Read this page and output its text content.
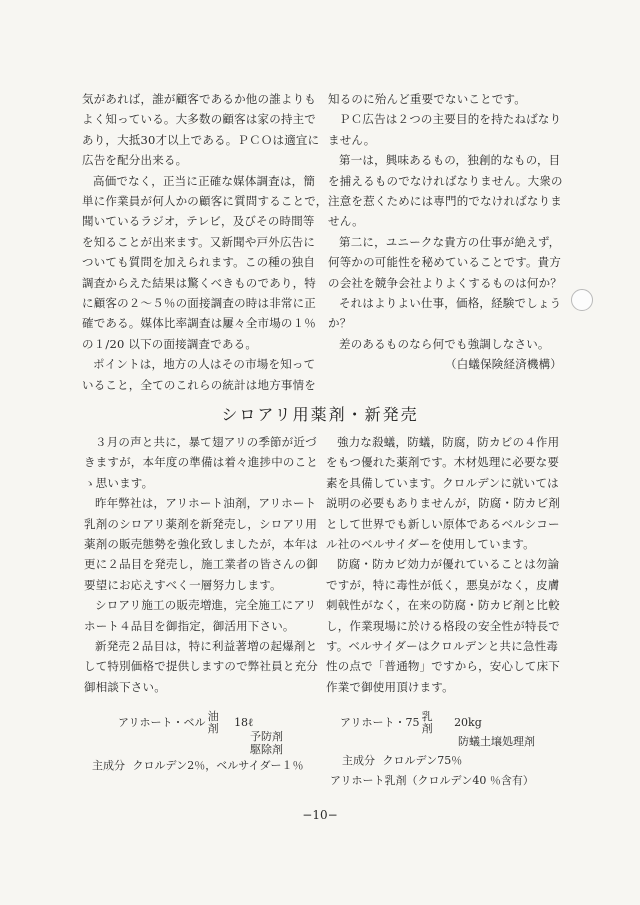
気があれば，誰が顧客であるか他の誰よりも

よく知っている。大多数の顧客は家の持主で

あり，大抵30才以上である。ＰＣＯは適宜に

広告を配分出来る。

高価でなく，正当に正確な媒体調査は，簡

単に作業員が何人かの顧客に質問することで，

聞いているラジオ，テレビ，及びその時間等

を知ることが出来ます。又新聞や戸外広告に

ついても質問を加えられます。この種の独自

調査からえた結果は驚くべきものであり，特

に顧客の２～５％の面接調査の時は非常に正

確である。媒体比率調査は屢々全市場の１％

の１/20 以下の面接調査である。

ポイントは，地方の人はその市場を知って

いること，全てのこれらの統計は地方事情を

知るのに殆んど重要でないことです。

ＰＣ広告は２つの主要目的を持たねばなり

ません。

第一は，興味あるもの，独創的なもの，目

を捕えるものでなければなりません。大衆の

注意を惹くためには専門的でなければなりま

せん。

第二に，ユニークな貴方の仕事が絶えず，

何等かの可能性を秘めていることです。貴方

の会社を競争会社よりよくするものは何か？

それはよりよい仕事，価格，経験でしょう

か？

差のあるものなら何でも強調しなさい。

（白蟻保険経済機構）

シロアリ用薬剤・新発売

３月の声と共に，暴て翅アリの季節が近づ

きますが，本年度の準備は着々進捗中のこと

ゝ思います。

昨年弊社は，アリホート油剤，アリホート

乳剤のシロアリ薬剤を新発売し，シロアリ用

薬剤の販売態勢を強化致しましたが，本年は

更に２品目を発売し，施工業者の皆さんの御

要望にお応えすべく一層努力します。

シロアリ施工の販売増進，完全施工にアリ

ホート４品目を御指定，御活用下さい。

新発売２品目は，特に利益著増の起爆剤と

して特別価格で提供しますので弊社員と充分

御相談下さい。

強力な殺蟻，防蟻，防腐，防カビの４作用

をもつ優れた薬剤です。木材処理に必要な要

素を具備しています。クロルデンに就いては

説明の必要もありませんが，防腐・防カビ剤

として世界でも新しい原体であるベルシコー

ル社のベルサイダーを使用しています。

防腐・防カビ効力が優れていることは勿論

ですが，特に毒性が低く，悪臭がなく，皮膚

刺戟性がなく，在来の防腐・防カビ剤と比較

し，作業現場に於ける格段の安全性が特長で

す。ベルサイダーはクロルデンと共に急性毒

性の点で「普通物」ですから，安心して床下

作業で御使用頂けます。

アリホート・ベル 油
剤 18ℓ
予防剤
駆除剤
主成分 クロルデン2％，ベルサイダー１％
アリホート・75 乳
剤 20kg
防蟻土壌処理剤
主成分 クロルデン75％
アリホート乳剤（クロルデン40 ％含有）
−10−
